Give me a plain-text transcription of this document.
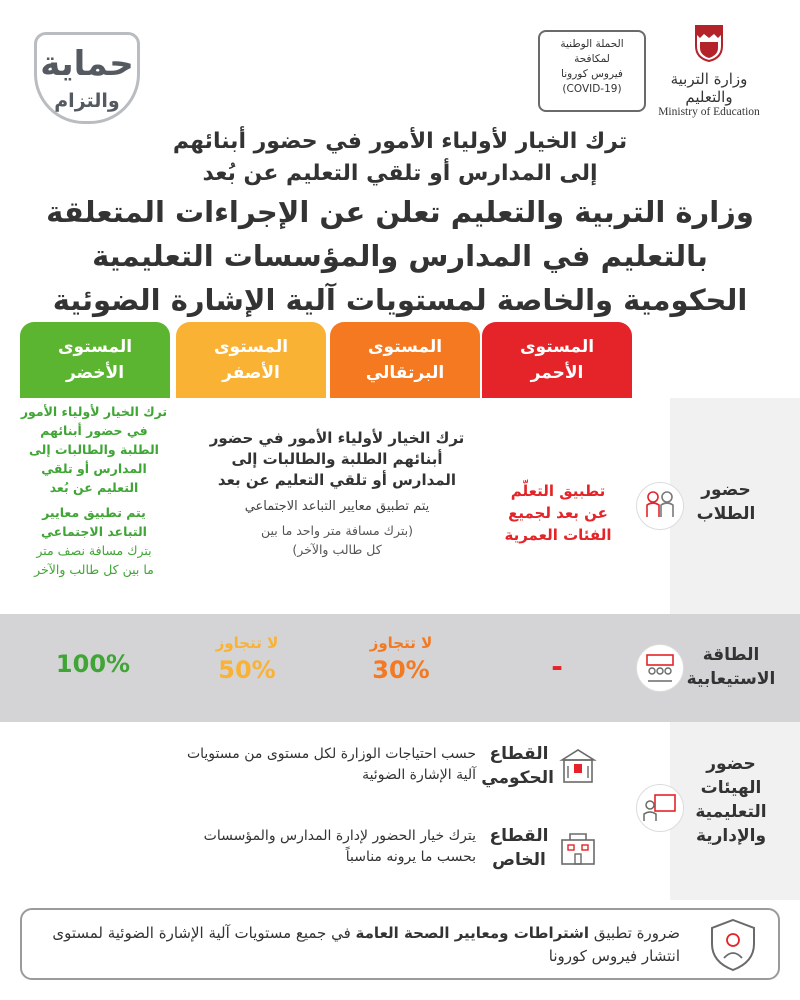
حماية
والتزام
الحملة الوطنية
لمكافحة
فيروس كورونا
(COVID-19)
وزارة التربية والتعليم
Ministry of Education
ترك الخيار لأولياء الأمور في حضور أبنائهم
إلى المدارس أو تلقي التعليم عن بُعد
وزارة التربية والتعليم تعلن عن الإجراءات المتعلقة
بالتعليم في المدارس والمؤسسات التعليمية
الحكومية والخاصة لمستويات آلية الإشارة الضوئية
المستوى
الأحمر
المستوى
البرتقالي
المستوى
الأصفر
المستوى
الأخضر
حضور
الطلاب
تطبيق التعلّم
عن بعد لجميع
الفئات العمرية
ترك الخيار لأولياء الأمور في حضور
أبنائهم الطلبة والطالبات إلى
المدارس أو تلقي التعليم عن بعد
يتم تطبيق معايير التباعد الاجتماعي
(بترك مسافة متر واحد ما بين
كل طالب والآخر)
ترك الخيار لأولياء الأمور
في حضور أبنائهم
الطلبة والطالبات إلى
المدارس أو تلقي
التعليم عن بُعد
يتم تطبيق معايير
التباعد الاجتماعي
بترك مسافة نصف متر
ما بين كل طالب والآخر
الطاقة
الاستيعابية
-
لا تتجاوز
30%
لا تتجاوز
50%
100%
حضور
الهيئات
التعليمية
والإدارية
القطاع
الحكومي
حسب احتياجات الوزارة لكل مستوى من مستويات
آلية الإشارة الضوئية
القطاع
الخاص
يترك خيار الحضور لإدارة المدارس والمؤسسات
بحسب ما يرونه مناسباً
ضرورة تطبيق اشتراطات ومعايير الصحة العامة في جميع مستويات آلية الإشارة الضوئية لمستوى انتشار فيروس كورونا
